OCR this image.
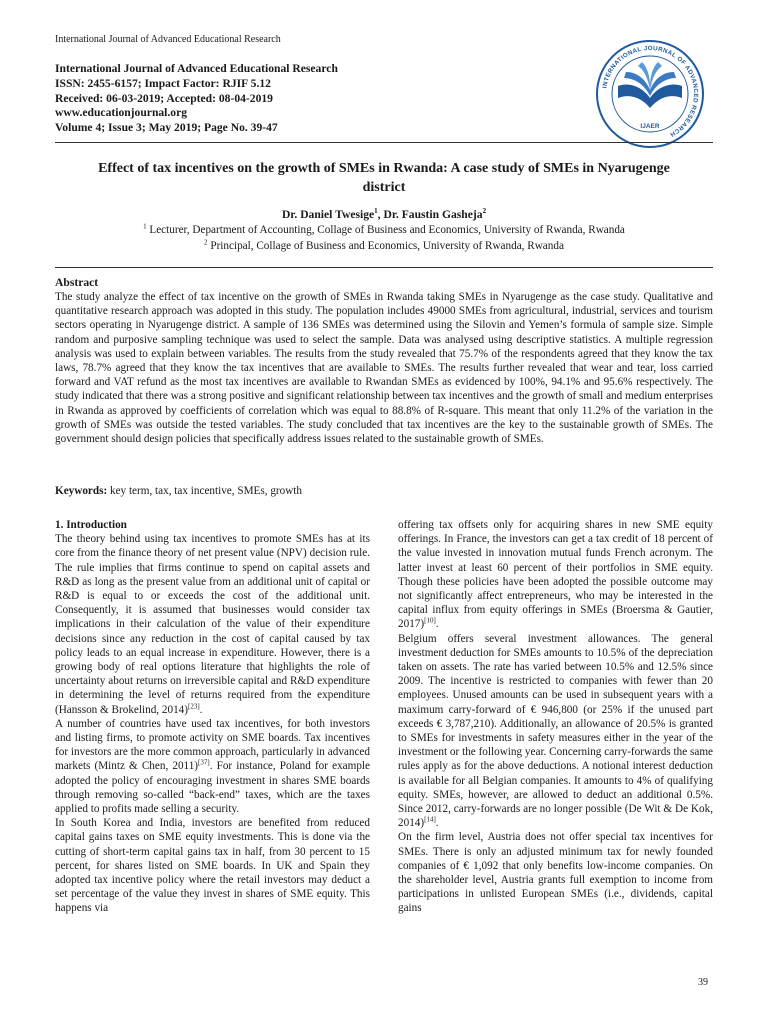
International Journal of Advanced Educational Research
International Journal of Advanced Educational Research
ISSN: 2455-6157; Impact Factor: RJIF 5.12
Received: 06-03-2019; Accepted: 08-04-2019
www.educationjournal.org
Volume 4; Issue 3; May 2019; Page No. 39-47
INTERNATIONAL JOURNAL OF ADVANCED RESEARCH
IJAER
Effect of tax incentives on the growth of SMEs in Rwanda: A case study of SMEs in Nyarugenge district
Dr. Daniel Twesige$^1$, Dr. Faustin Gasheja$^2$
$^1$ Lecturer, Department of Accounting, Collage of Business and Economics, University of Rwanda, Rwanda
$^2$ Principal, Collage of Business and Economics, University of Rwanda, Rwanda
Abstract

The study analyze the effect of tax incentive on the growth of SMEs in Rwanda taking SMEs in Nyarugenge as the case study. Qualitative and quantitative research approach was adopted in this study. The population includes 49000 SMEs from agricultural, industrial, services and tourism sectors operating in Nyarugenge district. A sample of 136 SMEs was determined using the Silovin and Yemen’s formula of sample size. Simple random and purposive sampling technique was used to select the sample. Data was analysed using descriptive statistics. A multiple regression analysis was used to explain between variables. The results from the study revealed that 75.7% of the respondents agreed that they know the tax laws, 78.7% agreed that they know the tax incentives that are available to SMEs. The results further revealed that wear and tear, loss carried forward and VAT refund as the most tax incentives are available to Rwandan SMEs as evidenced by 100%, 94.1% and 95.6% respectively. The study indicated that there was a strong positive and significant relationship between tax incentives and the growth of small and medium enterprises in Rwanda as approved by coefficients of correlation which was equal to 88.8% of R-square. This meant that only 11.2% of the variation in the growth of SMEs was outside the tested variables. The study concluded that tax incentives are the key to the sustainable growth of SMEs. The government should design policies that specifically address issues related to the sustainable growth of SMEs.

Keywords: key term, tax, tax incentive, SMEs, growth

1. Introduction

The theory behind using tax incentives to promote SMEs has at its core from the finance theory of net present value (NPV) decision rule. The rule implies that firms continue to spend on capital assets and R&D as long as the present value from an additional unit of capital or R&D is equal to or exceeds the cost of the additional unit. Consequently, it is assumed that businesses would consider tax implications in their calculation of the value of their expenditure decisions since any reduction in the cost of capital caused by tax policy leads to an equal increase in expenditure. However, there is a growing body of real options literature that highlights the role of uncertainty about returns on irreversible capital and R&D expenditure in determining the level of returns required from the expenditure (Hansson & Brokelind, 2014)[23].

A number of countries have used tax incentives, for both investors and listing firms, to promote activity on SME boards. Tax incentives for investors are the more common approach, particularly in advanced markets (Mintz & Chen, 2011)[37]. For instance, Poland for example adopted the policy of encouraging investment in shares SME boards through removing so-called “back-end” taxes, which are the taxes applied to profits made selling a security.

In South Korea and India, investors are benefited from reduced capital gains taxes on SME equity investments. This is done via the cutting of short-term capital gains tax in half, from 30 percent to 15 percent, for shares listed on SME boards. In UK and Spain they adopted tax incentive policy where the retail investors may deduct a set percentage of the value they invest in shares of SME equity. This happens via

offering tax offsets only for acquiring shares in new SME equity offerings. In France, the investors can get a tax credit of 18 percent of the value invested in innovation mutual funds French acronym. The latter invest at least 60 percent of their portfolios in SME equity. Though these policies have been adopted the possible outcome may not significantly affect entrepreneurs, who may be interested in the capital influx from equity offerings in SMEs (Broersma & Gautier, 2017)[10].

Belgium offers several investment allowances. The general investment deduction for SMEs amounts to 10.5% of the depreciation taken on assets. The rate has varied between 10.5% and 12.5% since 2009. The incentive is restricted to companies with fewer than 20 employees. Unused amounts can be used in subsequent years with a maximum carry-forward of € 946,800 (or 25% if the unused part exceeds € 3,787,210). Additionally, an allowance of 20.5% is granted to SMEs for investments in safety measures either in the year of the investment or the following year. Concerning carry-forwards the same rules apply as for the above deductions. A notional interest deduction is available for all Belgian companies. It amounts to 4% of qualifying equity. SMEs, however, are allowed to deduct an additional 0.5%. Since 2012, carry-forwards are no longer possible (De Wit & De Kok, 2014)[14].

On the firm level, Austria does not offer special tax incentives for SMEs. There is only an adjusted minimum tax for newly founded companies of € 1,092 that only benefits low-income companies. On the shareholder level, Austria grants full exemption to income from participations in unlisted European SMEs (i.e., dividends, capital gains

39
